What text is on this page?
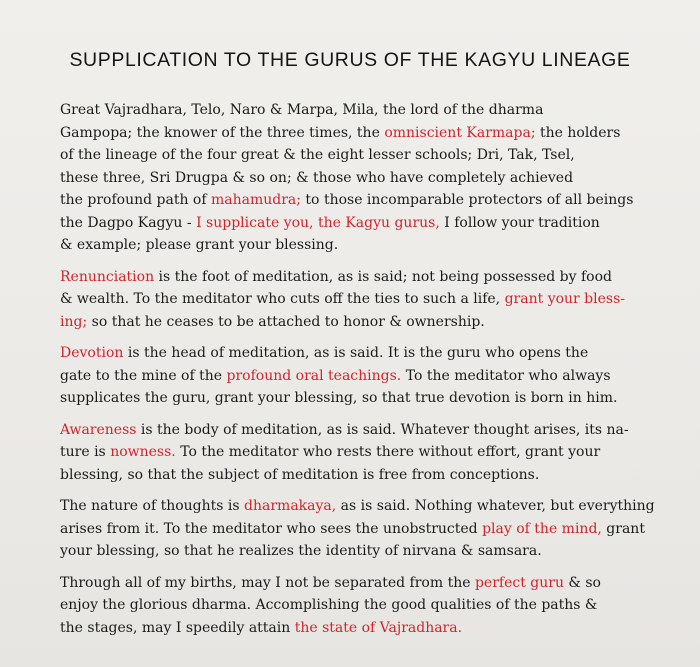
SUPPLICATION TO THE GURUS OF THE KAGYU LINEAGE
Great Vajradhara, Telo, Naro & Marpa, Mila, the lord of the dharma
Gampopa; the knower of the three times, the omniscient Karmapa; the holders
of the lineage of the four great & the eight lesser schools; Dri, Tak, Tsel,
these three, Sri Drugpa & so on; & those who have completely achieved
the profound path of mahamudra; to those incomparable protectors of all beings
the Dagpo Kagyu - I supplicate you, the Kagyu gurus, I follow your tradition
& example; please grant your blessing.
Renunciation is the foot of meditation, as is said; not being possessed by food
& wealth. To the meditator who cuts off the ties to such a life, grant your bless-
ing; so that he ceases to be attached to honor & ownership.
Devotion is the head of meditation, as is said. It is the guru who opens the
gate to the mine of the profound oral teachings. To the meditator who always
supplicates the guru, grant your blessing, so that true devotion is born in him.
Awareness is the body of meditation, as is said. Whatever thought arises, its na-
ture is nowness. To the meditator who rests there without effort, grant your
blessing, so that the subject of meditation is free from conceptions.
The nature of thoughts is dharmakaya, as is said. Nothing whatever, but everything
arises from it. To the meditator who sees the unobstructed play of the mind, grant
your blessing, so that he realizes the identity of nirvana & samsara.
Through all of my births, may I not be separated from the perfect guru & so
enjoy the glorious dharma. Accomplishing the good qualities of the paths &
the stages, may I speedily attain the state of Vajradhara.
